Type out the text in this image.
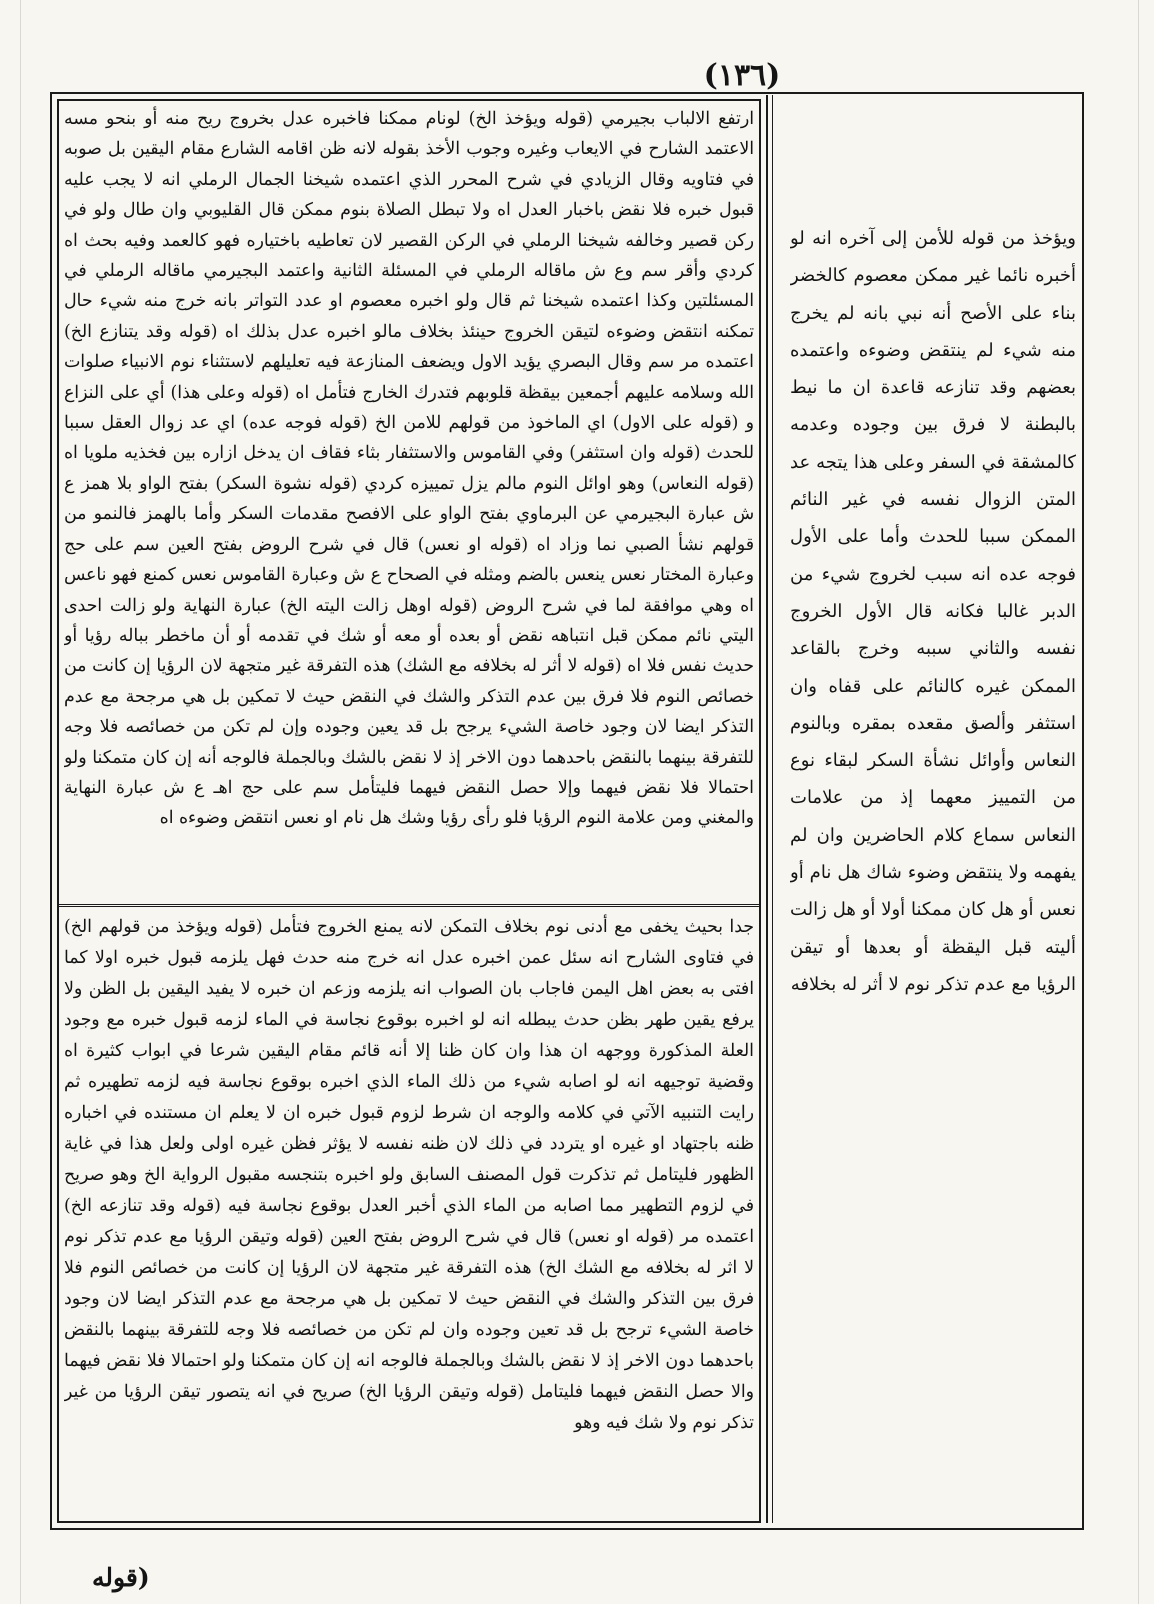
(١٣٦)

ارتفع الالباب بجيرمي (قوله ويؤخذ الخ) لونام ممكنا فاخبره عدل بخروج ريح منه أو بنحو مسه الاعتمد الشارح في الايعاب وغيره وجوب الأخذ بقوله لانه ظن اقامه الشارع مقام اليقين بل صوبه في فتاويه وقال الزيادي في شرح المحرر الذي اعتمده شيخنا الجمال الرملي انه لا يجب عليه قبول خبره فلا نقض باخبار العدل اه ولا تبطل الصلاة بنوم ممكن قال القليوبي وان طال ولو في ركن قصير وخالفه شيخنا الرملي في الركن القصير لان تعاطيه باختياره فهو كالعمد وفيه بحث اه كردي وأقر سم وع ش ماقاله الرملي في المسئلة الثانية واعتمد البجيرمي ماقاله الرملي في المسئلتين وكذا اعتمده شيخنا ثم قال ولو اخبره معصوم او عدد التواتر بانه خرج منه شيء حال تمكنه انتقض وضوءه لتيقن الخروج حينئذ بخلاف مالو اخبره عدل بذلك اه (قوله وقد يتنازع الخ) اعتمده مر سم وقال البصري يؤيد الاول ويضعف المنازعة فيه تعليلهم لاستثناء نوم الانبياء صلوات الله وسلامه عليهم أجمعين بيقظة قلوبهم فتدرك الخارج فتأمل اه (قوله وعلى هذا) أي على النزاع و (قوله على الاول) اي الماخوذ من قولهم للامن الخ (قوله فوجه عده) اي عد زوال العقل سببا للحدث (قوله وان استثفر) وفي القاموس والاستثفار بثاء فقاف ان يدخل ازاره بين فخذيه ملويا اه (قوله النعاس) وهو اوائل النوم مالم يزل تمييزه كردي (قوله نشوة السكر) بفتح الواو بلا همز ع ش عبارة البجيرمي عن البرماوي بفتح الواو على الافصح مقدمات السكر وأما بالهمز فالنمو من قولهم نشأ الصبي نما وزاد اه (قوله او نعس) قال في شرح الروض بفتح العين سم على حج وعبارة المختار نعس ينعس بالضم ومثله في الصحاح ع ش وعبارة القاموس نعس كمنع فهو ناعس اه وهي موافقة لما في شرح الروض (قوله اوهل زالت اليته الخ) عبارة النهاية ولو زالت احدى اليتي نائم ممكن قبل انتباهه نقض أو بعده أو معه أو شك في تقدمه أو أن ماخطر بباله رؤيا أو حديث نفس فلا اه (قوله لا أثر له بخلافه مع الشك) هذه التفرقة غير متجهة لان الرؤيا إن كانت من خصائص النوم فلا فرق بين عدم التذكر والشك في النقض حيث لا تمكين بل هي مرجحة مع عدم التذكر ايضا لان وجود خاصة الشيء يرجح بل قد يعين وجوده وإن لم تكن من خصائصه فلا وجه للتفرقة بينهما بالنقض باحدهما دون الاخر إذ لا نقض بالشك وبالجملة فالوجه أنه إن كان متمكنا ولو احتمالا فلا نقض فيهما وإلا حصل النقض فيهما فليتأمل سم على حج اهـ ع ش عبارة النهاية والمغني ومن علامة النوم الرؤيا فلو رأى رؤيا وشك هل نام او نعس انتقض وضوءه اه

جدا بحيث يخفى مع أدنى نوم بخلاف التمكن لانه يمنع الخروج فتأمل (قوله ويؤخذ من قولهم الخ) في فتاوى الشارح انه سئل عمن اخبره عدل انه خرج منه حدث فهل يلزمه قبول خبره اولا كما افتى به بعض اهل اليمن فاجاب بان الصواب انه يلزمه وزعم ان خبره لا يفيد اليقين بل الظن ولا يرفع يقين طهر بظن حدث يبطله انه لو اخبره بوقوع نجاسة في الماء لزمه قبول خبره مع وجود العلة المذكورة ووجهه ان هذا وان كان ظنا إلا أنه قائم مقام اليقين شرعا في ابواب كثيرة اه وقضية توجيهه انه لو اصابه شيء من ذلك الماء الذي اخبره بوقوع نجاسة فيه لزمه تطهيره ثم رايت التنبيه الآتي في كلامه والوجه ان شرط لزوم قبول خبره ان لا يعلم ان مستنده في اخباره ظنه باجتهاد او غيره او يتردد في ذلك لان ظنه نفسه لا يؤثر فظن غيره اولى ولعل هذا في غاية الظهور فليتامل ثم تذكرت قول المصنف السابق ولو اخبره بتنجسه مقبول الرواية الخ وهو صريح في لزوم التطهير مما اصابه من الماء الذي أخبر العدل بوقوع نجاسة فيه (قوله وقد تنازعه الخ) اعتمده مر (قوله او نعس) قال في شرح الروض بفتح العين (قوله وتيقن الرؤيا مع عدم تذكر نوم لا اثر له بخلافه مع الشك الخ) هذه التفرقة غير متجهة لان الرؤيا إن كانت من خصائص النوم فلا فرق بين التذكر والشك في النقض حيث لا تمكين بل هي مرجحة مع عدم التذكر ايضا لان وجود خاصة الشيء ترجح بل قد تعين وجوده وان لم تكن من خصائصه فلا وجه للتفرقة بينهما بالنقض باحدهما دون الاخر إذ لا نقض بالشك وبالجملة فالوجه انه إن كان متمكنا ولو احتمالا فلا نقض فيهما والا حصل النقض فيهما فليتامل (قوله وتيقن الرؤيا الخ) صريح في انه يتصور تيقن الرؤيا من غير تذكر نوم ولا شك فيه وهو

ويؤخذ من قوله للأمن إلى آخره انه لو أخبره نائما غير ممكن معصوم كالخضر بناء على الأصح أنه نبي بانه لم يخرج منه شيء لم ينتقض وضوءه واعتمده بعضهم وقد تنازعه قاعدة ان ما نيط بالبطنة لا فرق بين وجوده وعدمه كالمشقة في السفر وعلى هذا يتجه عد المتن الزوال نفسه في غير النائم الممكن سببا للحدث وأما على الأول فوجه عده انه سبب لخروج شيء من الدبر غالبا فكانه قال الأول الخروج نفسه والثاني سببه وخرج بالقاعد الممكن غيره كالنائم على قفاه وان استثفر وألصق مقعده بمقره وبالنوم النعاس وأوائل نشأة السكر لبقاء نوع من التمييز معهما إذ من علامات النعاس سماع كلام الحاضرين وان لم يفهمه ولا ينتقض وضوء شاك هل نام أو نعس أو هل كان ممكنا أولا أو هل زالت أليته قبل اليقظة أو بعدها أو تيقن الرؤيا مع عدم تذكر نوم لا أثر له بخلافه

(قوله
